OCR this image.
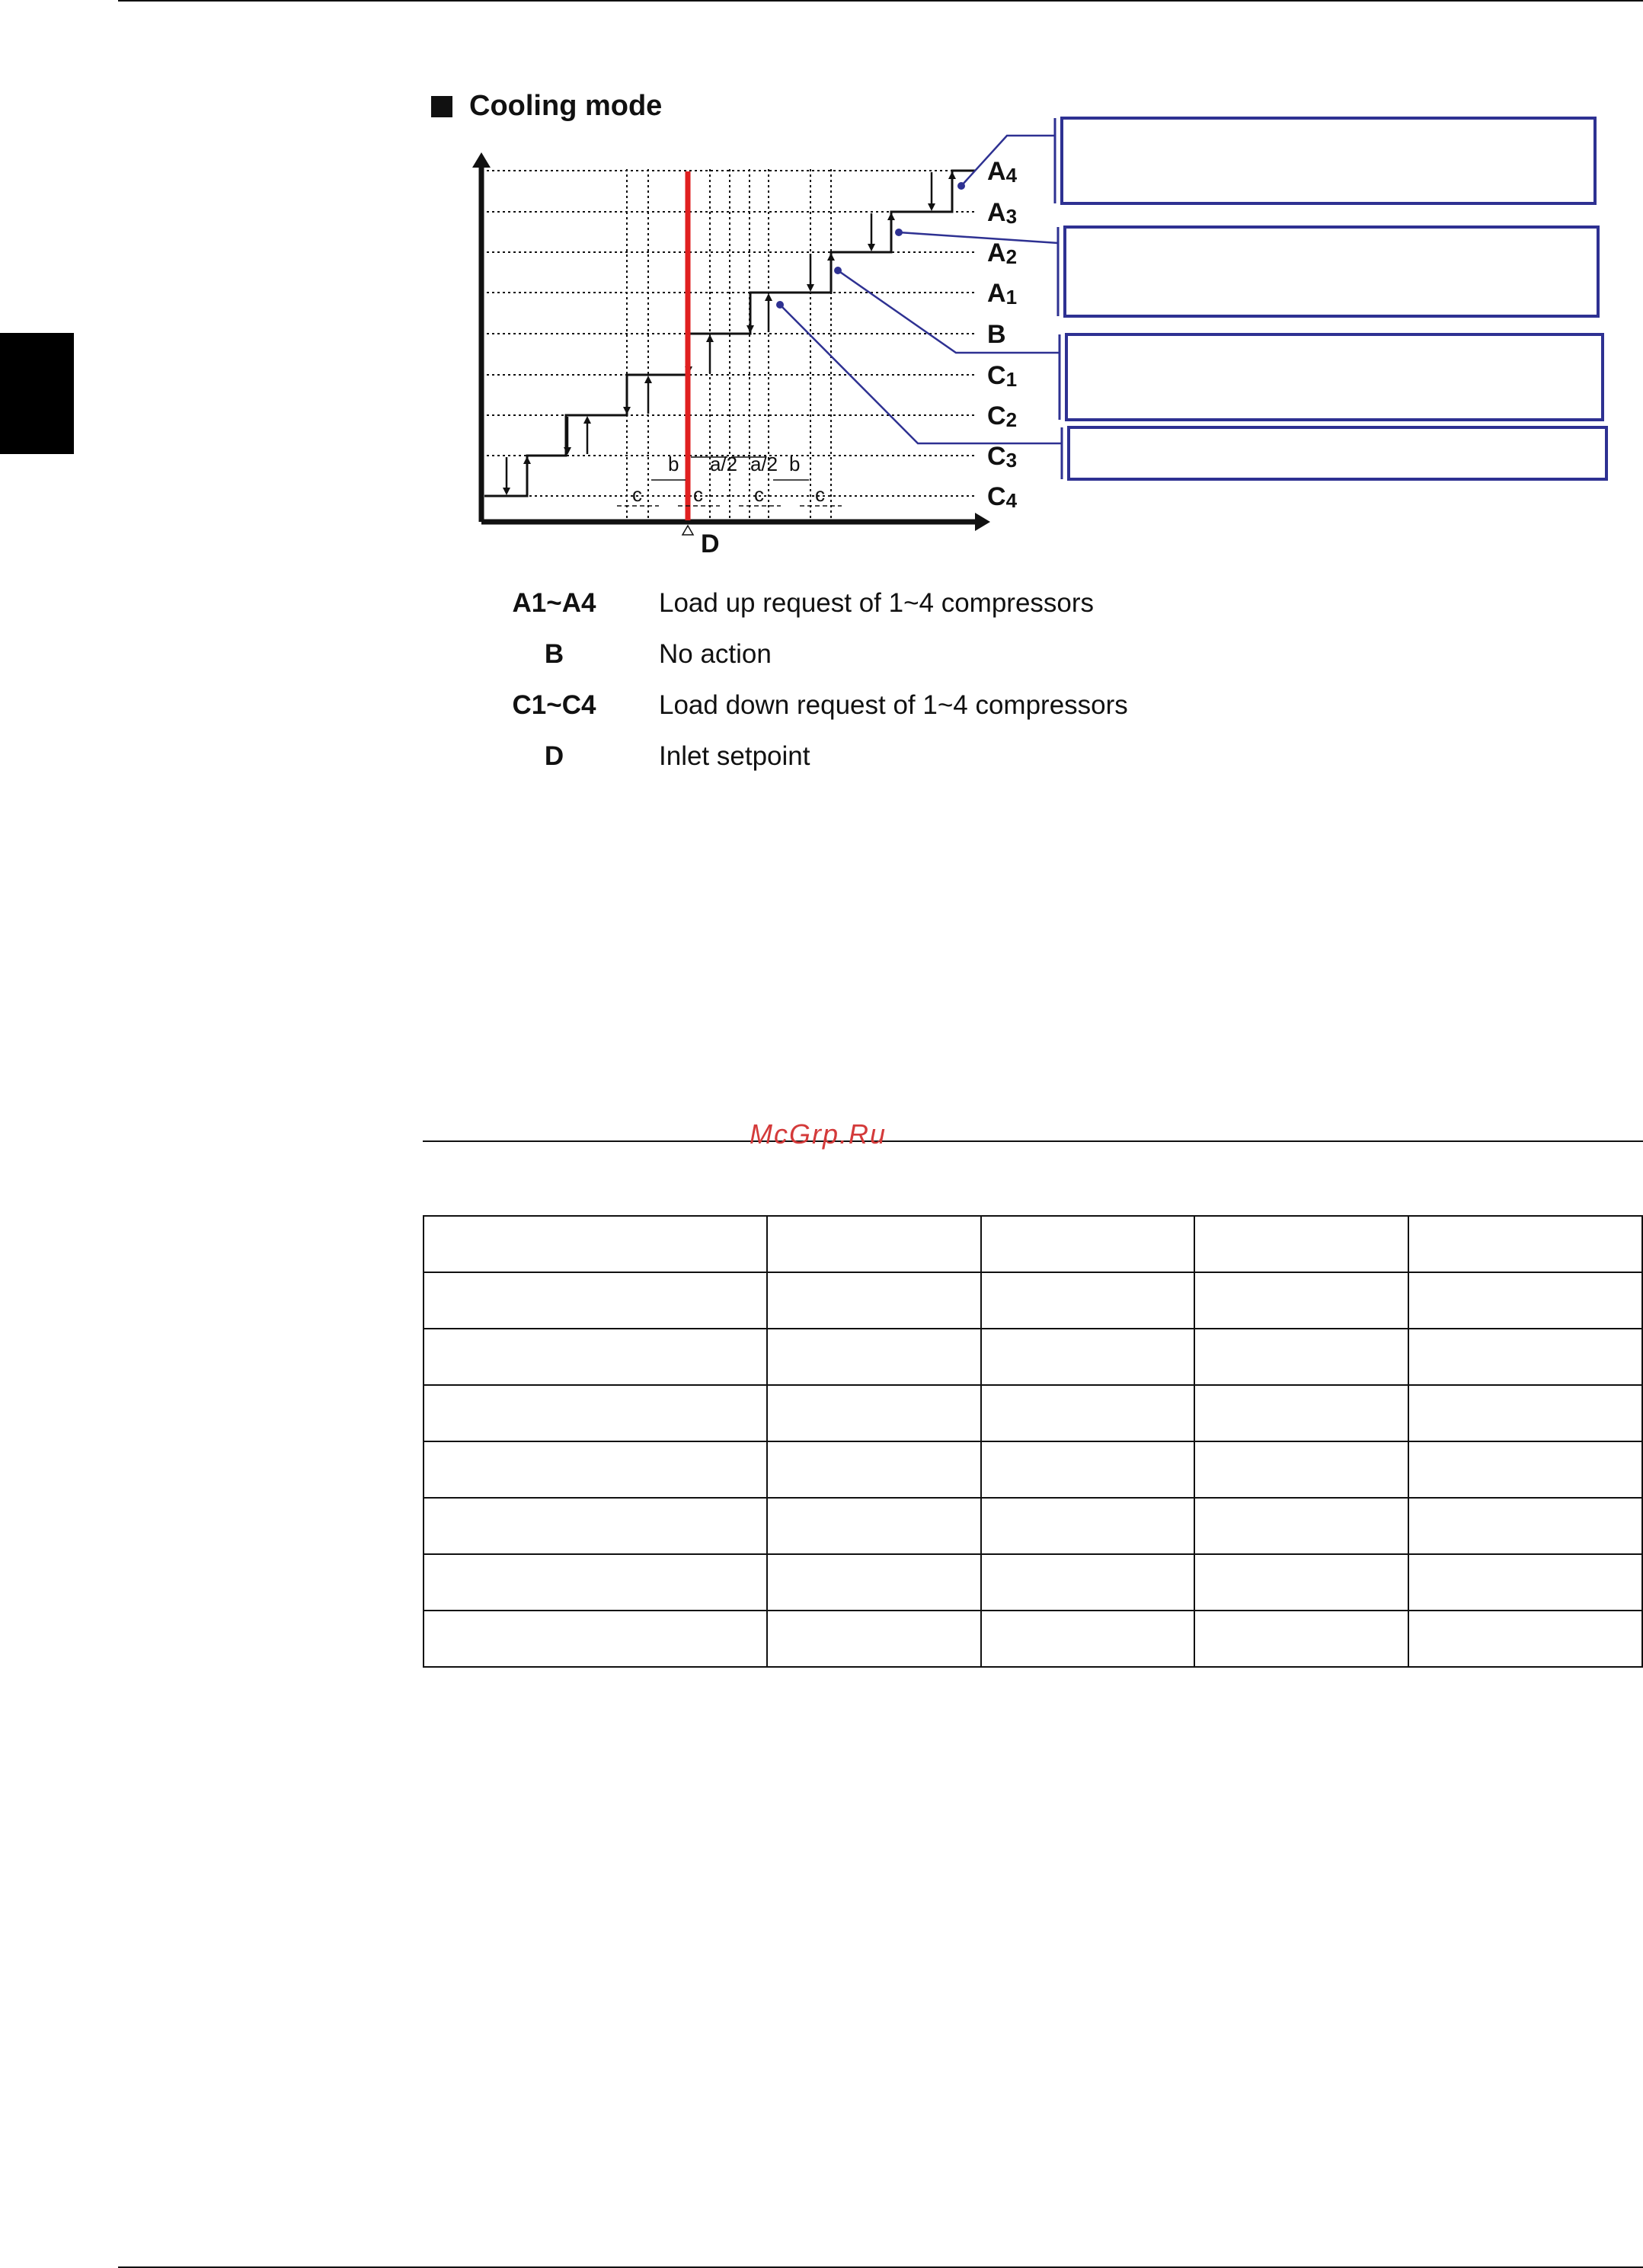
Cooling mode
A4
A3
A2
A1
B
C1
C2
C3
C4
D
b a/2 a/2 b
c	c	c	c
A1~A4	Load up request of 1~4 compressors
B	No action
C1~C4	Load down request of 1~4 compressors
D	Inlet setpoint
McGrp.Ru
